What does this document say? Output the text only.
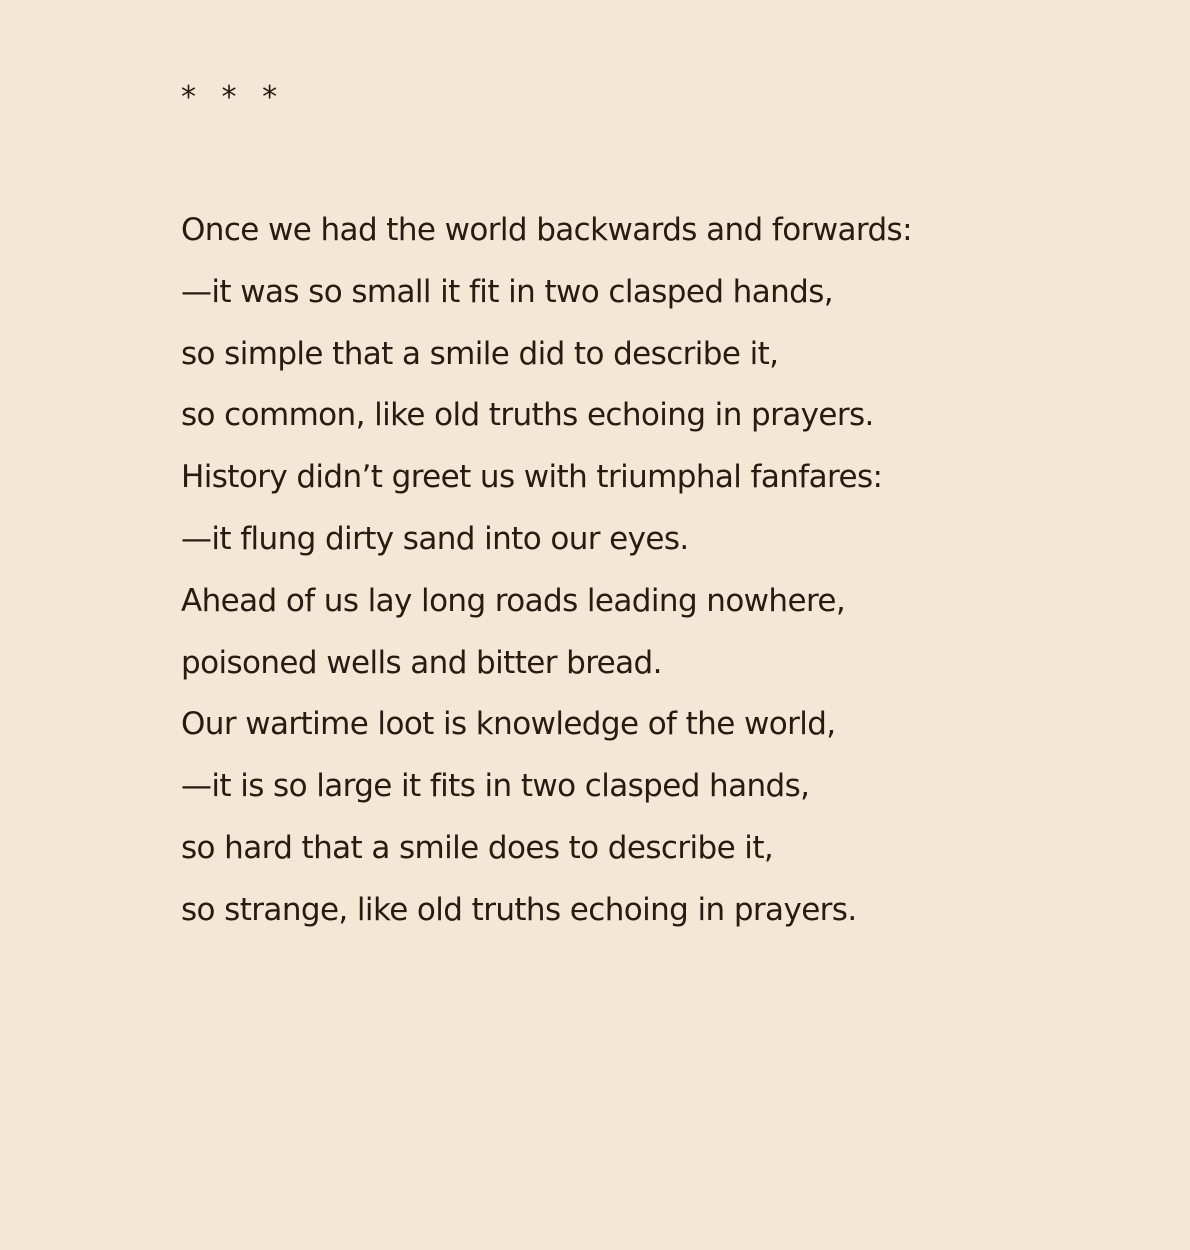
* * *
Once we had the world backwards and forwards:
—it was so small it fit in two clasped hands,
so simple that a smile did to describe it,
so common, like old truths echoing in prayers.
History didn’t greet us with triumphal fanfares:
—it flung dirty sand into our eyes.
Ahead of us lay long roads leading nowhere,
poisoned wells and bitter bread.
Our wartime loot is knowledge of the world,
—it is so large it fits in two clasped hands,
so hard that a smile does to describe it,
so strange, like old truths echoing in prayers.
